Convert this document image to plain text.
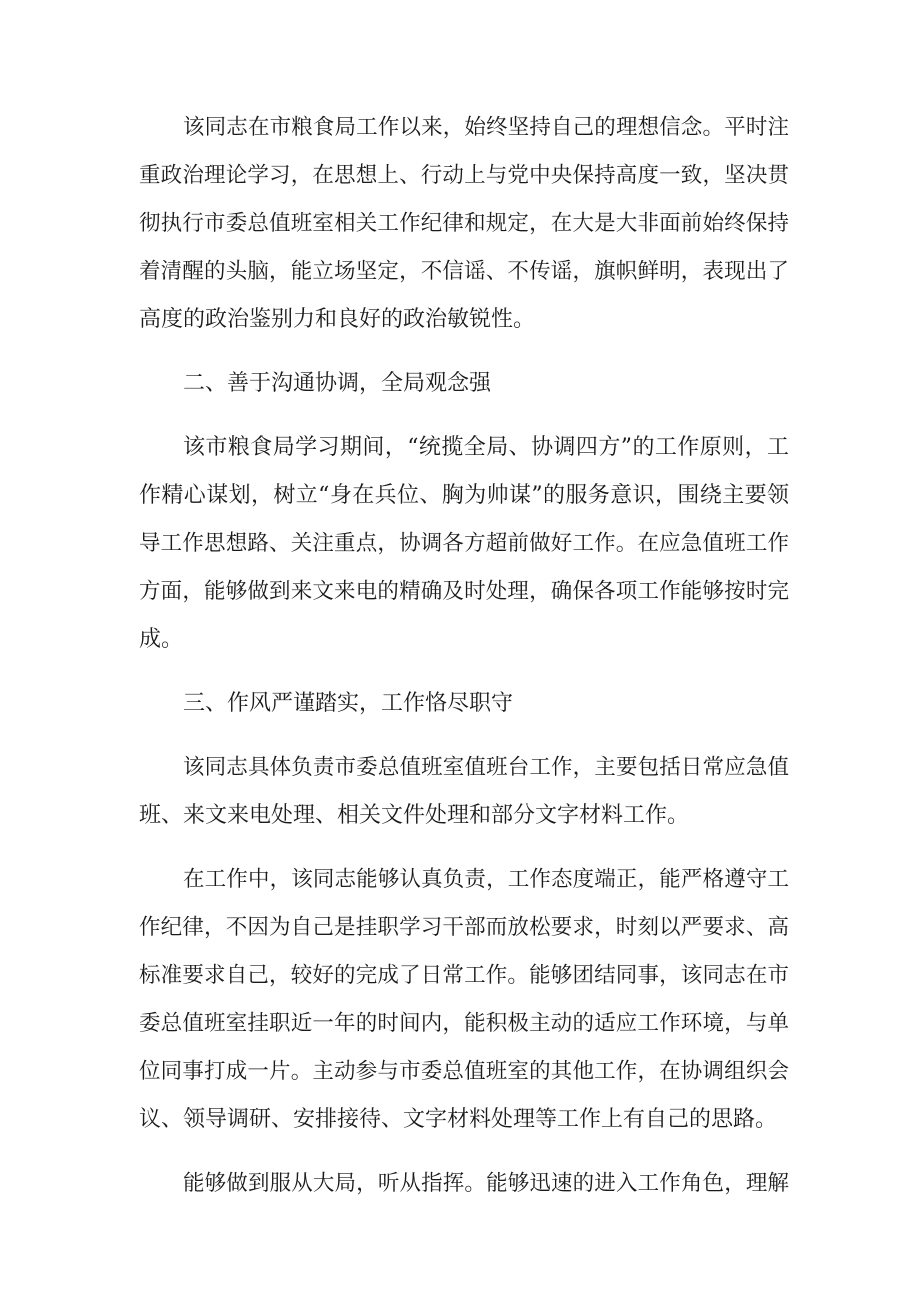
该同志在市粮食局工作以来，始终坚持自己的理想信念。平时注
重政治理论学习，在思想上、行动上与党中央保持高度一致，坚决贯
彻执行市委总值班室相关工作纪律和规定，在大是大非面前始终保持
着清醒的头脑，能立场坚定，不信谣、不传谣，旗帜鲜明，表现出了
高度的政治鉴别力和良好的政治敏锐性。
二、善于沟通协调，全局观念强
该市粮食局学习期间，“统揽全局、协调四方”的工作原则，工
作精心谋划，树立“身在兵位、胸为帅谋”的服务意识，围绕主要领
导工作思想路、关注重点，协调各方超前做好工作。在应急值班工作
方面，能够做到来文来电的精确及时处理，确保各项工作能够按时完
成。
三、作风严谨踏实，工作恪尽职守
该同志具体负责市委总值班室值班台工作，主要包括日常应急值
班、来文来电处理、相关文件处理和部分文字材料工作。
在工作中，该同志能够认真负责，工作态度端正，能严格遵守工
作纪律，不因为自己是挂职学习干部而放松要求，时刻以严要求、高
标准要求自己，较好的完成了日常工作。能够团结同事，该同志在市
委总值班室挂职近一年的时间内，能积极主动的适应工作环境，与单
位同事打成一片。主动参与市委总值班室的其他工作，在协调组织会
议、领导调研、安排接待、文字材料处理等工作上有自己的思路。
能够做到服从大局，听从指挥。能够迅速的进入工作角色，理解
